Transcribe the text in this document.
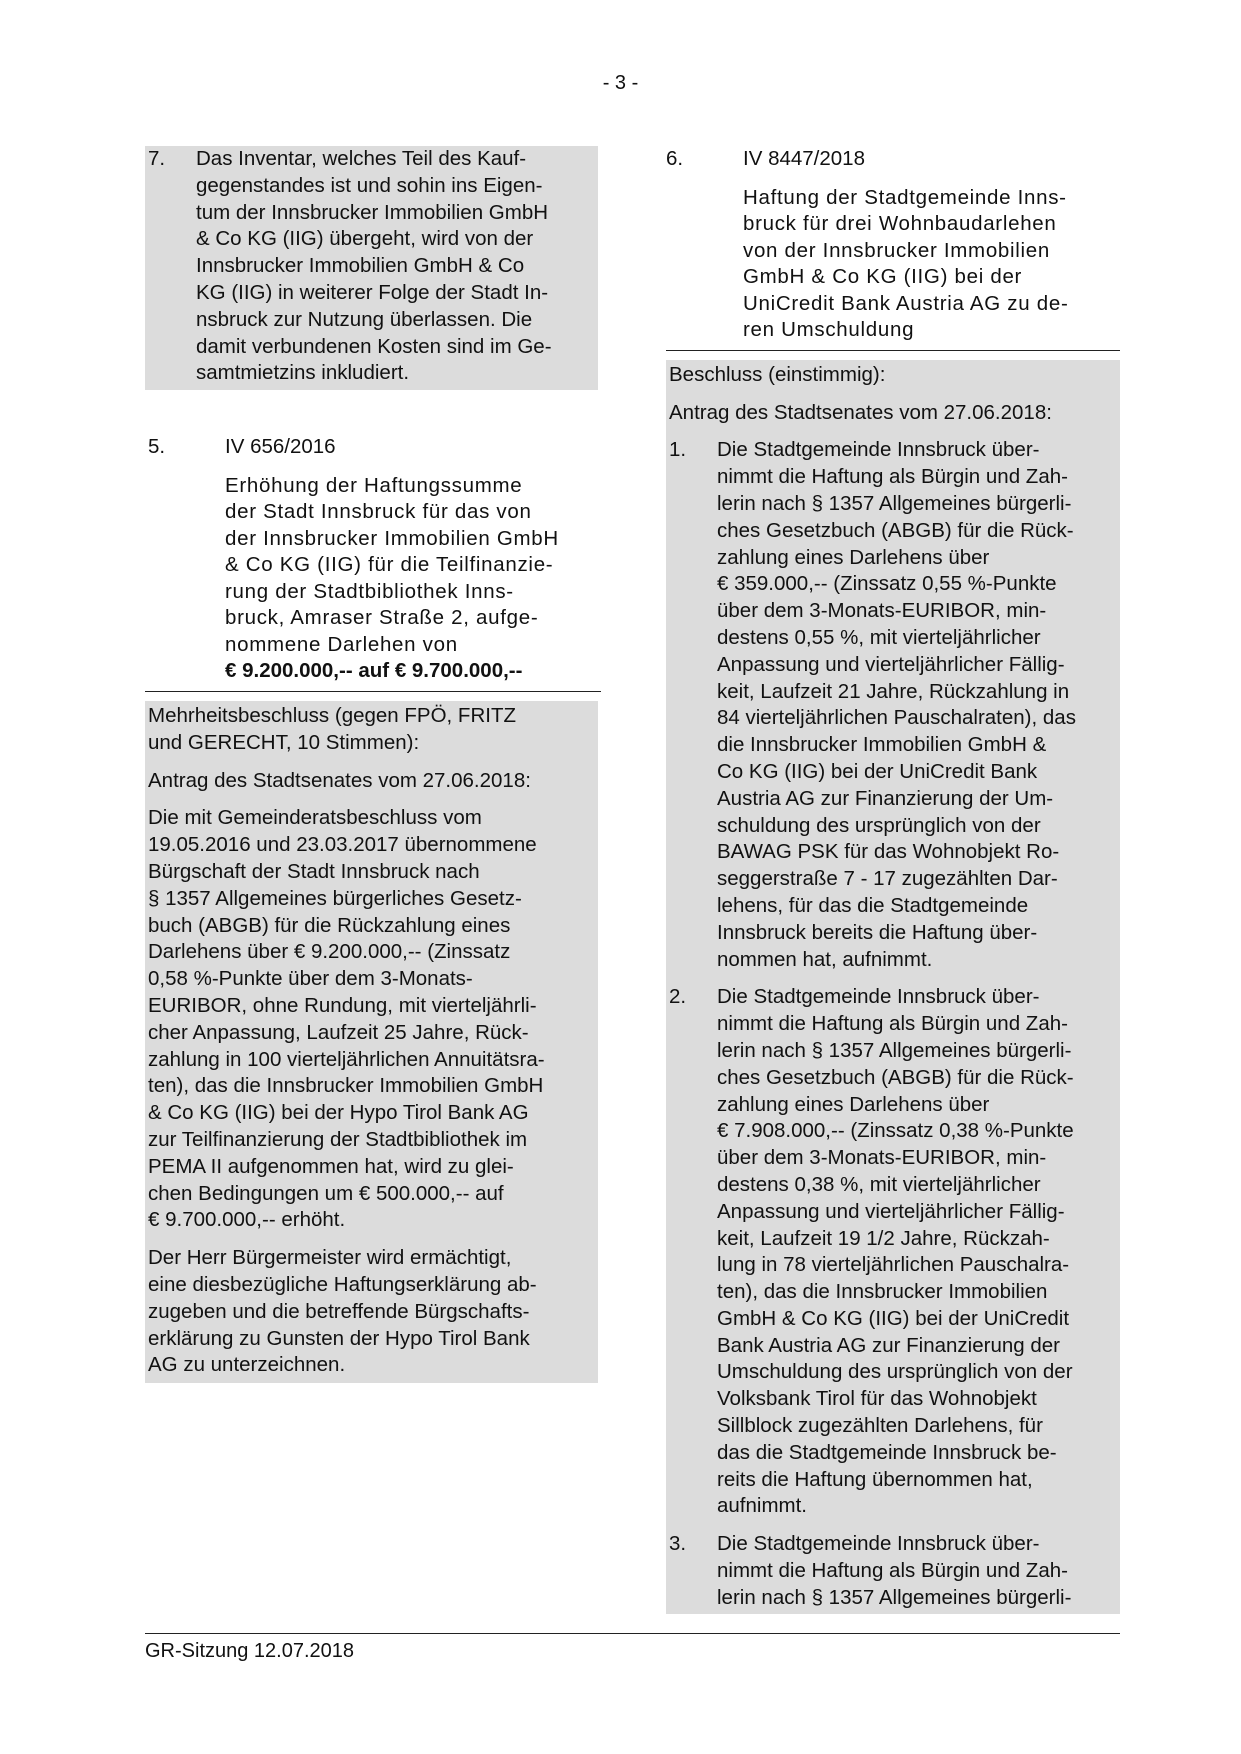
- 3 -
7.	Das Inventar, welches Teil des Kauf-
gegenstandes ist und sohin ins Eigen-
tum der Innsbrucker Immobilien GmbH
& Co KG (IIG) übergeht, wird von der
Innsbrucker Immobilien GmbH & Co
KG (IIG) in weiterer Folge der Stadt In-
nsbruck zur Nutzung überlassen. Die
damit verbundenen Kosten sind im Ge-
samtmietzins inkludiert.
5.	IV 656/2016
Erhöhung der Haftungssumme
der Stadt Innsbruck für das von
der Innsbrucker Immobilien GmbH
& Co KG (IIG) für die Teilfinanzie-
rung der Stadtbibliothek Inns-
bruck, Amraser Straße 2, aufge-
nommene Darlehen von
€ 9.200.000,-- auf € 9.700.000,--
Mehrheitsbeschluss (gegen FPÖ, FRITZ
und GERECHT, 10 Stimmen):
Antrag des Stadtsenates vom 27.06.2018:
Die mit Gemeinderatsbeschluss vom
19.05.2016 und 23.03.2017 übernommene
Bürgschaft der Stadt Innsbruck nach
§ 1357 Allgemeines bürgerliches Gesetz-
buch (ABGB) für die Rückzahlung eines
Darlehens über € 9.200.000,-- (Zinssatz
0,58 %-Punkte über dem 3-Monats-
EURIBOR, ohne Rundung, mit vierteljährli-
cher Anpassung, Laufzeit 25 Jahre, Rück-
zahlung in 100 vierteljährlichen Annuitätsra-
ten), das die Innsbrucker Immobilien GmbH
& Co KG (IIG) bei der Hypo Tirol Bank AG
zur Teilfinanzierung der Stadtbibliothek im
PEMA II aufgenommen hat, wird zu glei-
chen Bedingungen um € 500.000,-- auf
€ 9.700.000,-- erhöht.
Der Herr Bürgermeister wird ermächtigt,
eine diesbezügliche Haftungserklärung ab-
zugeben und die betreffende Bürgschafts-
erklärung zu Gunsten der Hypo Tirol Bank
AG zu unterzeichnen.
6.	IV 8447/2018
Haftung der Stadtgemeinde Inns-
bruck für drei Wohnbaudarlehen
von der Innsbrucker Immobilien
GmbH & Co KG (IIG) bei der
UniCredit Bank Austria AG zu de-
ren Umschuldung
Beschluss (einstimmig):
Antrag des Stadtsenates vom 27.06.2018:
1.	Die Stadtgemeinde Innsbruck über-
nimmt die Haftung als Bürgin und Zah-
lerin nach § 1357 Allgemeines bürgerli-
ches Gesetzbuch (ABGB) für die Rück-
zahlung eines Darlehens über
€ 359.000,-- (Zinssatz 0,55 %-Punkte
über dem 3-Monats-EURIBOR, min-
destens 0,55 %, mit vierteljährlicher
Anpassung und vierteljährlicher Fällig-
keit, Laufzeit 21 Jahre, Rückzahlung in
84 vierteljährlichen Pauschalraten), das
die Innsbrucker Immobilien GmbH &
Co KG (IIG) bei der UniCredit Bank
Austria AG zur Finanzierung der Um-
schuldung des ursprünglich von der
BAWAG PSK für das Wohnobjekt Ro-
seggerstraße 7 - 17 zugezählten Dar-
lehens, für das die Stadtgemeinde
Innsbruck bereits die Haftung über-
nommen hat, aufnimmt.
2.	Die Stadtgemeinde Innsbruck über-
nimmt die Haftung als Bürgin und Zah-
lerin nach § 1357 Allgemeines bürgerli-
ches Gesetzbuch (ABGB) für die Rück-
zahlung eines Darlehens über
€ 7.908.000,-- (Zinssatz 0,38 %-Punkte
über dem 3-Monats-EURIBOR, min-
destens 0,38 %, mit vierteljährlicher
Anpassung und vierteljährlicher Fällig-
keit, Laufzeit 19 1/2 Jahre, Rückzah-
lung in 78 vierteljährlichen Pauschalra-
ten), das die Innsbrucker Immobilien
GmbH & Co KG (IIG) bei der UniCredit
Bank Austria AG zur Finanzierung der
Umschuldung des ursprünglich von der
Volksbank Tirol für das Wohnobjekt
Sillblock zugezählten Darlehens, für
das die Stadtgemeinde Innsbruck be-
reits die Haftung übernommen hat,
aufnimmt.
3.	Die Stadtgemeinde Innsbruck über-
nimmt die Haftung als Bürgin und Zah-
lerin nach § 1357 Allgemeines bürgerli-
GR-Sitzung 12.07.2018
